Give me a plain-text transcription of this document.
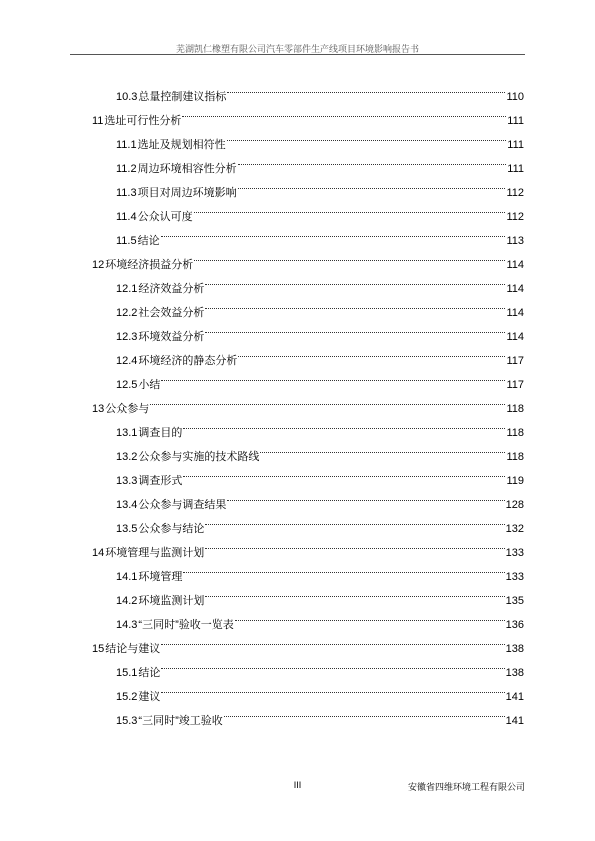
芜湖凯仁橡塑有限公司汽车零部件生产线项目环境影响报告书
10.3 总量控制建议指标	110
11 选址可行性分析	111
11.1 选址及规划相符性	111
11.2 周边环境相容性分析	111
11.3 项目对周边环境影响	112
11.4 公众认可度	112
11.5 结论	113
12 环境经济损益分析	114
12.1 经济效益分析	114
12.2 社会效益分析	114
12.3 环境效益分析	114
12.4 环境经济的静态分析	117
12.5 小结	117
13 公众参与	118
13.1 调查目的	118
13.2 公众参与实施的技术路线	118
13.3 调查形式	119
13.4 公众参与调查结果	128
13.5 公众参与结论	132
14 环境管理与监测计划	133
14.1 环境管理	133
14.2 环境监测计划	135
14.3 “三同时”验收一览表	136
15 结论与建议	138
15.1 结论	138
15.2 建议	141
15.3 “三同时”竣工验收	141
III	安徽省四维环境工程有限公司
